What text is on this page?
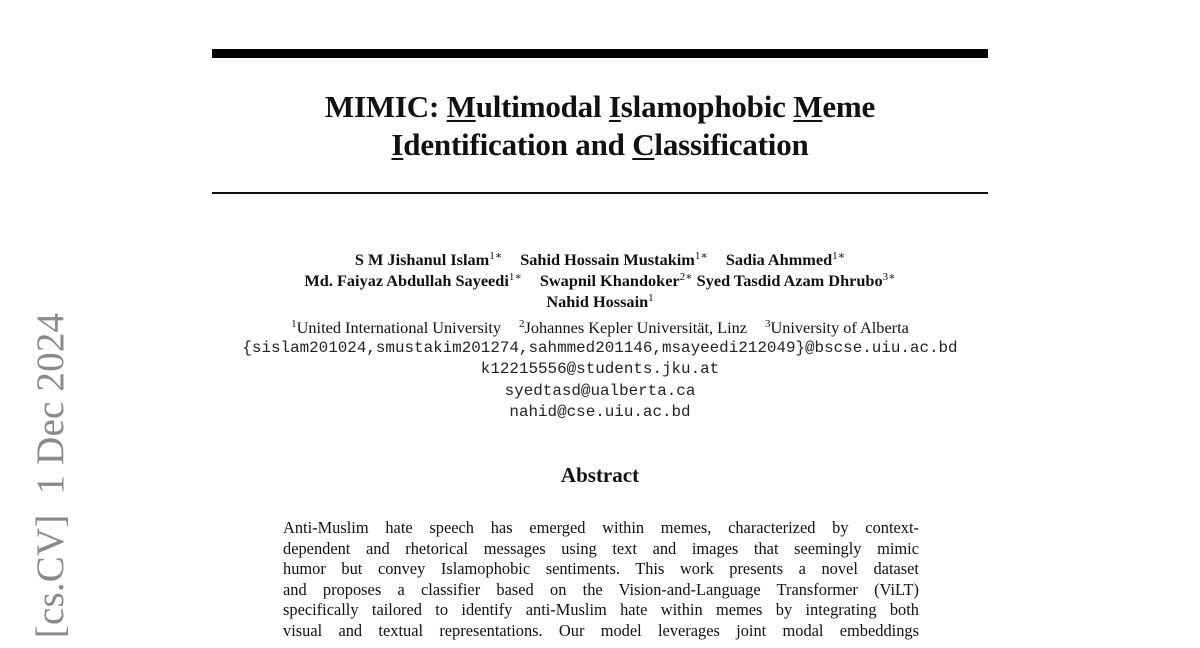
[cs.CV]  1 Dec 2024
MIMIC: Multimodal Islamophobic Meme
Identification and Classification
S M Jishanul Islam$^{1∗}$ Sahid Hossain Mustakim$^{1∗}$ Sadia Ahmmed$^{1∗}$
Md. Faiyaz Abdullah Sayeedi$^{1∗}$ Swapnil Khandoker$^{2∗}$ Syed Tasdid Azam Dhrubo$^{3∗}$
Nahid Hossain$^1$
$^1$United International University $^2$Johannes Kepler Universität, Linz $^3$University of Alberta
{sislam201024,smustakim201274,sahmmed201146,msayeedi212049}@bscse.uiu.ac.bd
k12215556@students.jku.at
syedtasd@ualberta.ca
nahid@cse.uiu.ac.bd
Abstract
Anti-Muslim hate speech has emerged within memes, characterized by context-
dependent and rhetorical messages using text and images that seemingly mimic
humor but convey Islamophobic sentiments. This work presents a novel dataset
and proposes a classifier based on the Vision-and-Language Transformer (ViLT)
specifically tailored to identify anti-Muslim hate within memes by integrating both
visual and textual representations. Our model leverages joint modal embeddings
